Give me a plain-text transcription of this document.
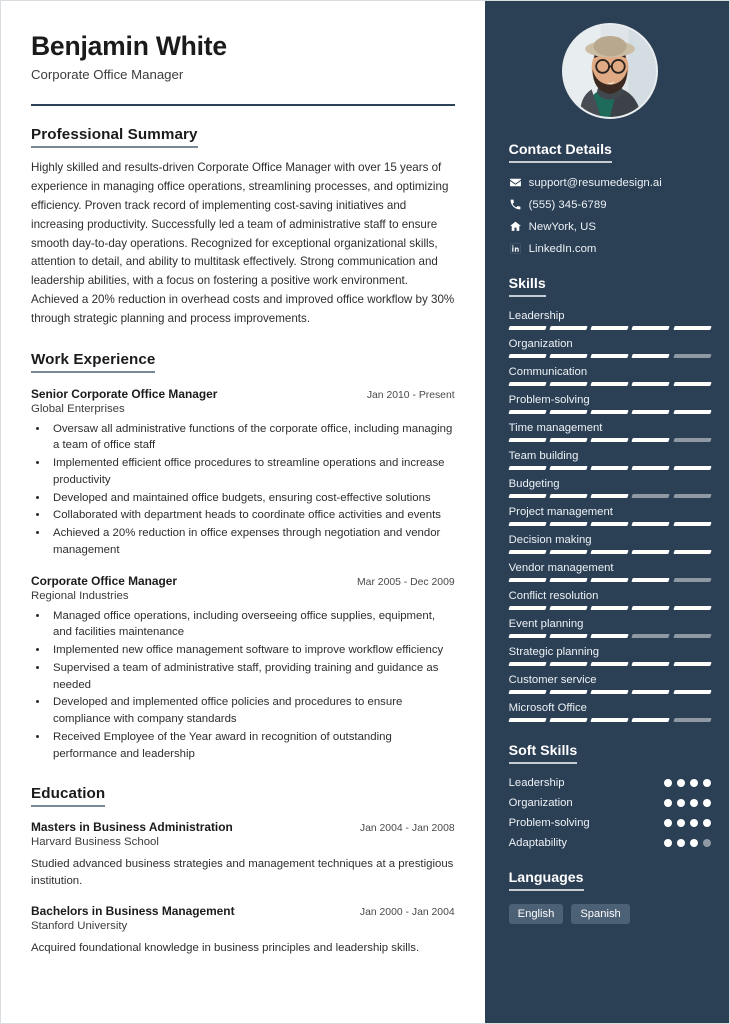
Benjamin White
Corporate Office Manager
Professional Summary
Highly skilled and results-driven Corporate Office Manager with over 15 years of experience in managing office operations, streamlining processes, and optimizing efficiency. Proven track record of implementing cost-saving initiatives and increasing productivity. Successfully led a team of administrative staff to ensure smooth day-to-day operations. Recognized for exceptional organizational skills, attention to detail, and ability to multitask effectively. Strong communication and leadership abilities, with a focus on fostering a positive work environment. Achieved a 20% reduction in overhead costs and improved office workflow by 30% through strategic planning and process improvements.
Work Experience
Senior Corporate Office Manager	Jan 2010 - Present
Global Enterprises
• Oversaw all administrative functions of the corporate office, including managing a team of office staff
• Implemented efficient office procedures to streamline operations and increase productivity
• Developed and maintained office budgets, ensuring cost-effective solutions
• Collaborated with department heads to coordinate office activities and events
• Achieved a 20% reduction in office expenses through negotiation and vendor management
Corporate Office Manager	Mar 2005 - Dec 2009
Regional Industries
• Managed office operations, including overseeing office supplies, equipment, and facilities maintenance
• Implemented new office management software to improve workflow efficiency
• Supervised a team of administrative staff, providing training and guidance as needed
• Developed and implemented office policies and procedures to ensure compliance with company standards
• Received Employee of the Year award in recognition of outstanding performance and leadership
Education
Masters in Business Administration	Jan 2004 - Jan 2008
Harvard Business School
Studied advanced business strategies and management techniques at a prestigious institution.
Bachelors in Business Management	Jan 2000 - Jan 2004
Stanford University
Acquired foundational knowledge in business principles and leadership skills.
Contact Details
support@resumedesign.ai
(555) 345-6789
NewYork, US
LinkedIn.com
Skills
Leadership
Organization
Communication
Problem-solving
Time management
Team building
Budgeting
Project management
Decision making
Vendor management
Conflict resolution
Event planning
Strategic planning
Customer service
Microsoft Office
Soft Skills
Leadership
Organization
Problem-solving
Adaptability
Languages
English	Spanish
